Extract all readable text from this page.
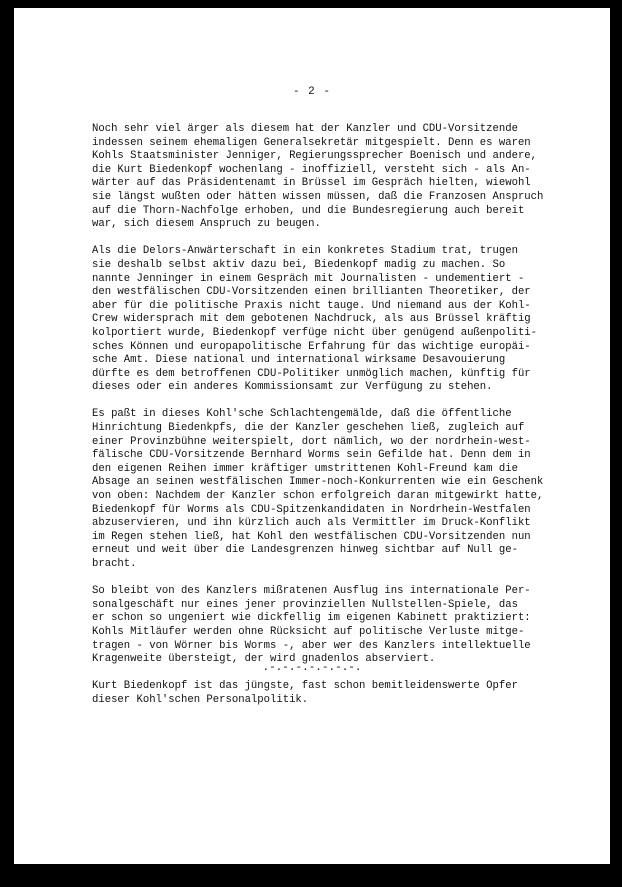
- 2 -
Noch sehr viel ärger als diesem hat der Kanzler und CDU-Vorsitzende
indessen seinem ehemaligen Generalsekretär mitgespielt. Denn es waren
Kohls Staatsminister Jenniger, Regierungssprecher Boenisch und andere,
die Kurt Biedenkopf wochenlang - inoffiziell, versteht sich - als An-
wärter auf das Präsidentenamt in Brüssel im Gespräch hielten, wiewohl
sie längst wußten oder hätten wissen müssen, daß die Franzosen Anspruch
auf die Thorn-Nachfolge erhoben, und die Bundesregierung auch bereit
war, sich diesem Anspruch zu beugen.
Als die Delors-Anwärterschaft in ein konkretes Stadium trat, trugen
sie deshalb selbst aktiv dazu bei, Biedenkopf madig zu machen. So
nannte Jenninger in einem Gespräch mit Journalisten - undementiert -
den westfälischen CDU-Vorsitzenden einen brillianten Theoretiker, der
aber für die politische Praxis nicht tauge. Und niemand aus der Kohl-
Crew widersprach mit dem gebotenen Nachdruck, als aus Brüssel kräftig
kolportiert wurde, Biedenkopf verfüge nicht über genügend außenpoliti-
sches Können und europapolitische Erfahrung für das wichtige europäi-
sche Amt. Diese national und international wirksame Desavouierung
dürfte es dem betroffenen CDU-Politiker unmöglich machen, künftig für
dieses oder ein anderes Kommissionsamt zur Verfügung zu stehen.
Es paßt in dieses Kohl'sche Schlachtengemälde, daß die öffentliche
Hinrichtung Biedenkpfs, die der Kanzler geschehen ließ, zugleich auf
einer Provinzbühne weiterspielt, dort nämlich, wo der nordrhein-west-
fälische CDU-Vorsitzende Bernhard Worms sein Gefilde hat. Denn dem in
den eigenen Reihen immer kräftiger umstrittenen Kohl-Freund kam die
Absage an seinen westfälischen Immer-noch-Konkurrenten wie ein Geschenk
von oben: Nachdem der Kanzler schon erfolgreich daran mitgewirkt hatte,
Biedenkopf für Worms als CDU-Spitzenkandidaten in Nordrhein-Westfalen
abzuservieren, und ihn kürzlich auch als Vermittler im Druck-Konflikt
im Regen stehen ließ, hat Kohl den westfälischen CDU-Vorsitzenden nun
erneut und weit über die Landesgrenzen hinweg sichtbar auf Null ge-
bracht.
So bleibt von des Kanzlers mißratenen Ausflug ins internationale Per-
sonalgeschäft nur eines jener provinziellen Nullstellen-Spiele, das
er schon so ungeniert wie dickfellig im eigenen Kabinett praktiziert:
Kohls Mitläufer werden ohne Rücksicht auf politische Verluste mitge-
tragen - von Wörner bis Worms -, aber wer des Kanzlers intellektuelle
Kragenweite übersteigt, der wird gnadenlos abserviert.
Kurt Biedenkopf ist das jüngste, fast schon bemitleidenswerte Opfer
dieser Kohl'schen Personalpolitik.
.-.-.-.-.-.-.-.
